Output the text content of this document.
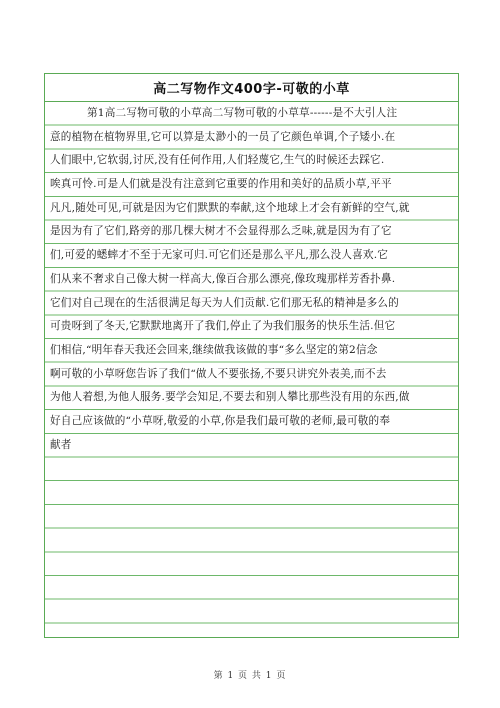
高二写物作文400字-可敬的小草
第1高二写物可敬的小草高二写物可敬的小草草------是不大引人注
意的植物在植物界里,它可以算是太渺小的一员了它颜色单调,个子矮小.在
人们眼中,它软弱,讨厌,没有任何作用,人们轻蔑它,生气的时候还去踩它.
唉真可怜.可是人们就是没有注意到它重要的作用和美好的品质小草,平平
凡凡,随处可见,可就是因为它们默默的奉献,这个地球上才会有新鲜的空气,就
是因为有了它们,路旁的那几棵大树才不会显得那么乏味,就是因为有了它
们,可爱的蟋蟀才不至于无家可归.可它们还是那么平凡,那么没人喜欢.它
们从来不奢求自己像大树一样高大,像百合那么漂亮,像玫瑰那样芳香扑鼻.
它们对自己现在的生活很满足每天为人们贡献.它们那无私的精神是多么的
可贵呀到了冬天,它默默地离开了我们,停止了为我们服务的快乐生活.但它
们相信,“明年春天我还会回来,继续做我该做的事“多么坚定的第2信念
啊可敬的小草呀您告诉了我们“做人不要张扬,不要只讲究外表美,而不去
为他人着想,为他人服务.要学会知足,不要去和别人攀比那些没有用的东西,做
好自己应该做的“小草呀,敬爱的小草,你是我们最可敬的老师,最可敬的奉
献者
第 1 页 共 1 页
